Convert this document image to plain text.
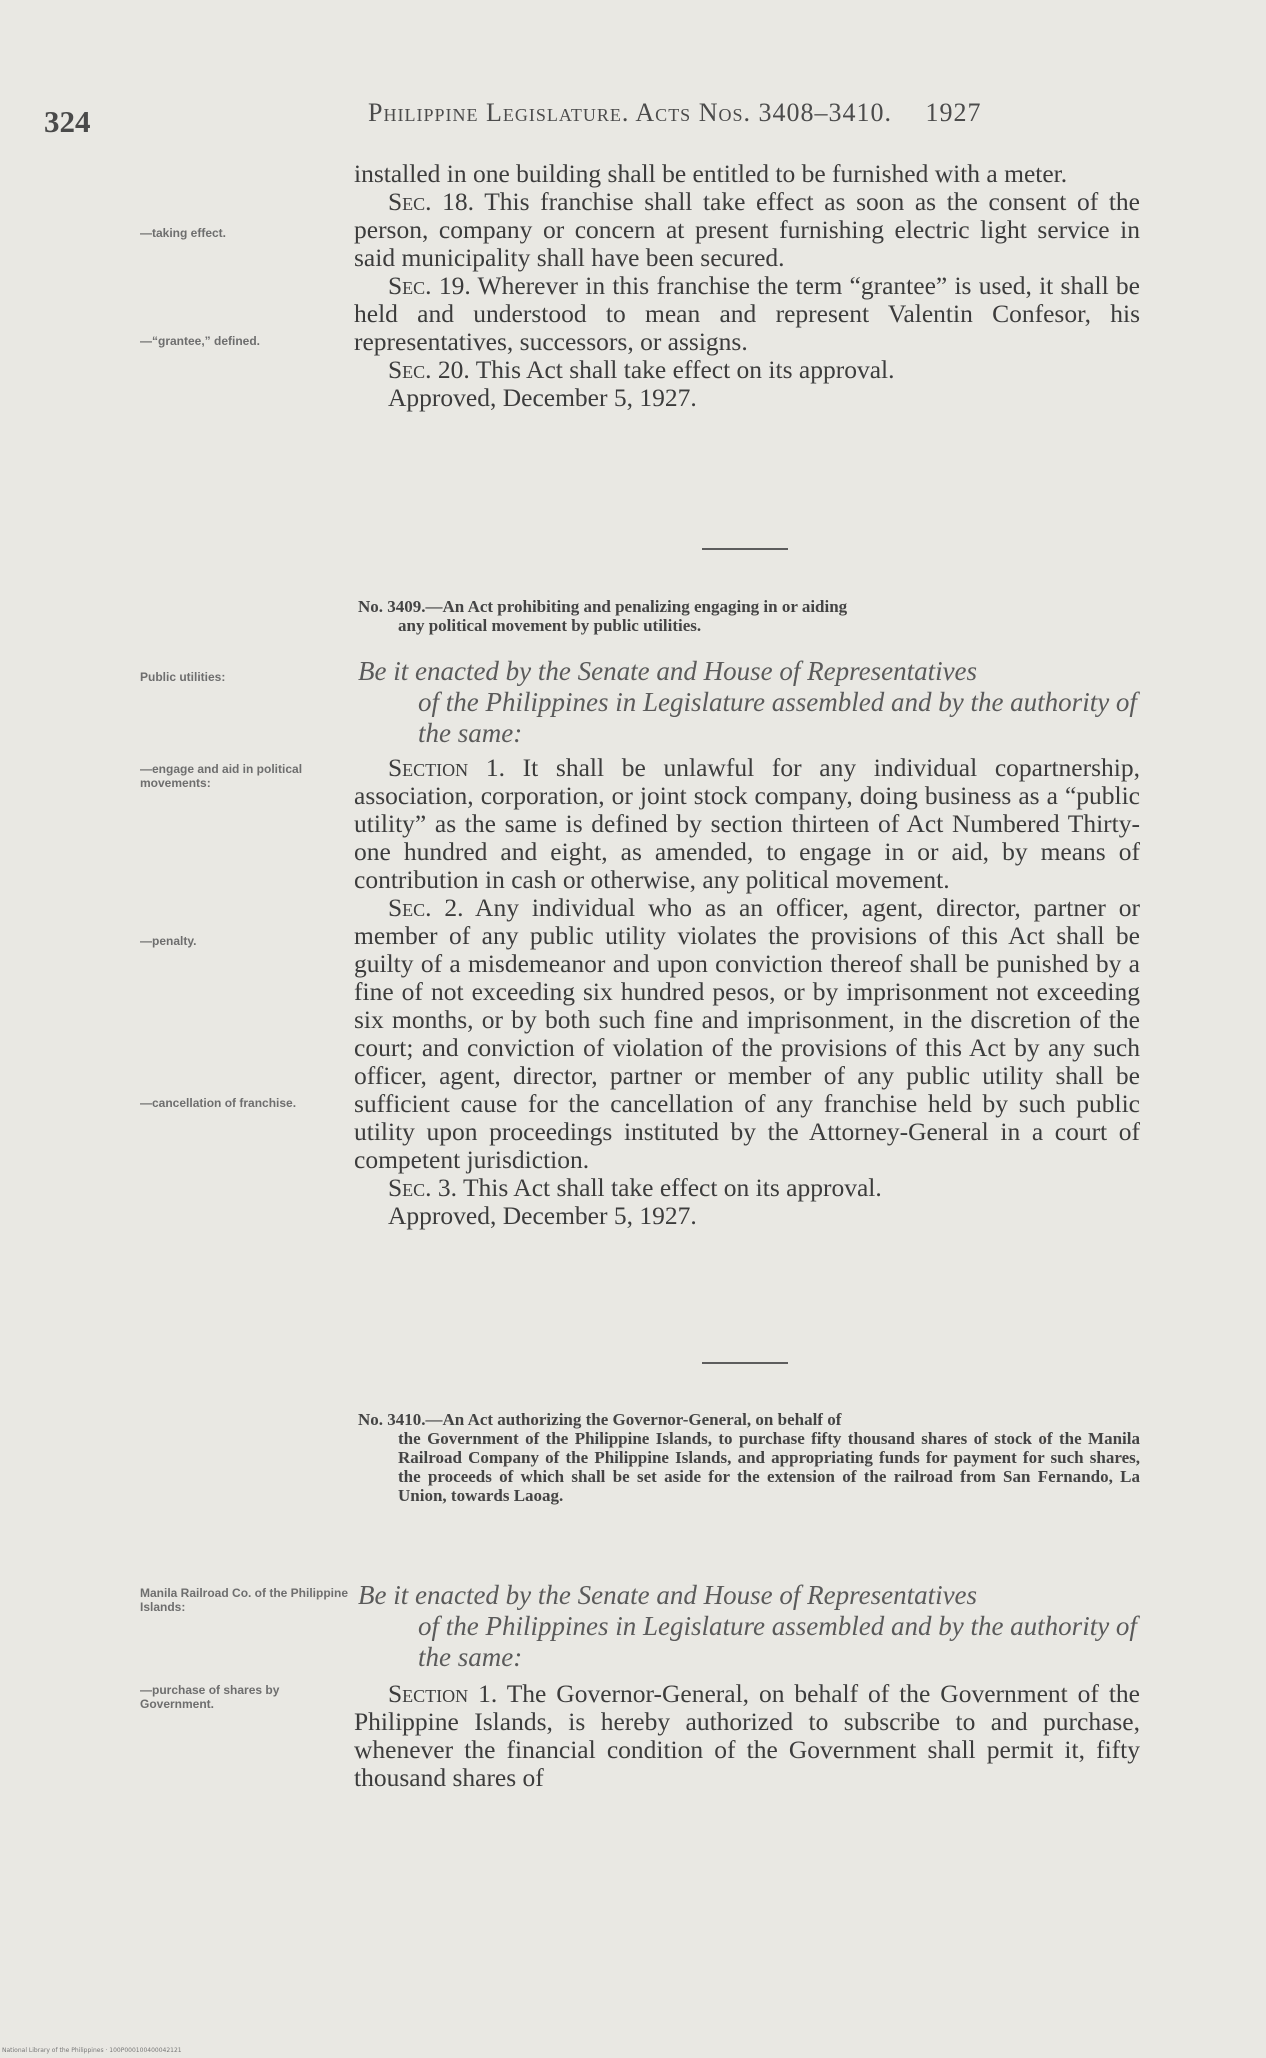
324	Philippine Legislature. Acts Nos. 3408–3410. 1927

installed in one building shall be entitled to be furnished with a meter.

Sec. 18. This franchise shall take effect as soon as the consent of the person, company or concern at present furnishing electric light service in said municipality shall have been secured.

Sec. 19. Wherever in this franchise the term “grantee” is used, it shall be held and understood to mean and represent Valentin Confesor, his representatives, successors, or assigns.

Sec. 20. This Act shall take effect on its approval.

Approved, December 5, 1927.

—taking effect.
—“grantee,” defined.
No. 3409.—An Act prohibiting and penalizing engaging in or aiding
any political movement by public utilities.
Public utilities:	Be it enacted by the Senate and House of Representatives
of the Philippines in Legislature assembled and by the authority of the same:
—engage and aid in political movements:
—penalty.
—cancellation of franchise.

Section 1. It shall be unlawful for any individual copartnership, association, corporation, or joint stock company, doing business as a “public utility” as the same is defined by section thirteen of Act Numbered Thirty-one hundred and eight, as amended, to engage in or aid, by means of contribution in cash or otherwise, any political movement.

Sec. 2. Any individual who as an officer, agent, director, partner or member of any public utility violates the provisions of this Act shall be guilty of a misdemeanor and upon conviction thereof shall be punished by a fine of not exceeding six hundred pesos, or by imprisonment not exceeding six months, or by both such fine and imprisonment, in the discretion of the court; and conviction of violation of the provisions of this Act by any such officer, agent, director, partner or member of any public utility shall be sufficient cause for the cancellation of any franchise held by such public utility upon proceedings instituted by the Attorney-General in a court of competent jurisdiction.

Sec. 3. This Act shall take effect on its approval.

Approved, December 5, 1927.

No. 3410.—An Act authorizing the Governor-General, on behalf of
the Government of the Philippine Islands, to purchase fifty thousand shares of stock of the Manila Railroad Company of the Philippine Islands, and appropriating funds for payment for such shares, the proceeds of which shall be set aside for the extension of the railroad from San Fernando, La Union, towards Laoag.
Manila Railroad Co. of the Philippine Islands:	Be it enacted by the Senate and House of Representatives
of the Philippines in Legislature assembled and by the authority of the same:
—purchase of shares by Government.	Section 1. The Governor-General, on behalf of the Government of the Philippine Islands, is hereby authorized to subscribe to and purchase, whenever the financial condition of the Government shall permit it, fifty thousand shares of

National Library of the Philippines · 100P000100400042121
